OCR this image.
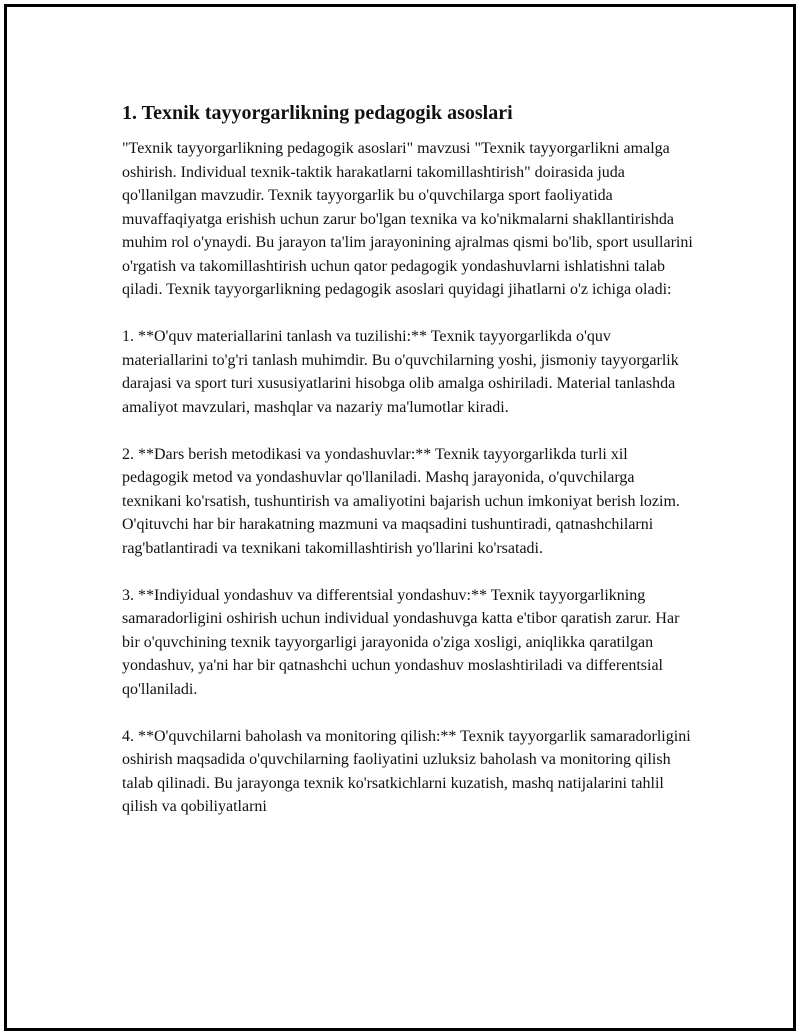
1. Texnik tayyorgarlikning pedagogik asoslari

"Texnik tayyorgarlikning pedagogik asoslari" mavzusi "Texnik tayyorgarlikni amalga oshirish. Individual texnik-taktik harakatlarni takomillashtirish" doirasida juda qo'llanilgan mavzudir. Texnik tayyorgarlik bu o'quvchilarga sport faoliyatida muvaffaqiyatga erishish uchun zarur bo'lgan texnika va ko'nikmalarni shakllantirishda muhim rol o'ynaydi. Bu jarayon ta'lim jarayonining ajralmas qismi bo'lib, sport usullarini o'rgatish va takomillashtirish uchun qator pedagogik yondashuvlarni ishlatishni talab qiladi. Texnik tayyorgarlikning pedagogik asoslari quyidagi jihatlarni o'z ichiga oladi:

1. **O'quv materiallarini tanlash va tuzilishi:** Texnik tayyorgarlikda o'quv materiallarini to'g'ri tanlash muhimdir. Bu o'quvchilarning yoshi, jismoniy tayyorgarlik darajasi va sport turi xususiyatlarini hisobga olib amalga oshiriladi. Material tanlashda amaliyot mavzulari, mashqlar va nazariy ma'lumotlar kiradi.

2. **Dars berish metodikasi va yondashuvlar:** Texnik tayyorgarlikda turli xil pedagogik metod va yondashuvlar qo'llaniladi. Mashq jarayonida, o'quvchilarga texnikani ko'rsatish, tushuntirish va amaliyotini bajarish uchun imkoniyat berish lozim. O'qituvchi har bir harakatning mazmuni va maqsadini tushuntiradi, qatnashchilarni rag'batlantiradi va texnikani takomillashtirish yo'llarini ko'rsatadi.

3. **Indiyidual yondashuv va differentsial yondashuv:** Texnik tayyorgarlikning samaradorligini oshirish uchun individual yondashuvga katta e'tibor qaratish zarur. Har bir o'quvchining texnik tayyorgarligi jarayonida o'ziga xosligi, aniqlikka qaratilgan yondashuv, ya'ni har bir qatnashchi uchun yondashuv moslashtiriladi va differentsial qo'llaniladi.

4. **O'quvchilarni baholash va monitoring qilish:** Texnik tayyorgarlik samaradorligini oshirish maqsadida o'quvchilarning faoliyatini uzluksiz baholash va monitoring qilish talab qilinadi. Bu jarayonga texnik ko'rsatkichlarni kuzatish, mashq natijalarini tahlil qilish va qobiliyatlarni
